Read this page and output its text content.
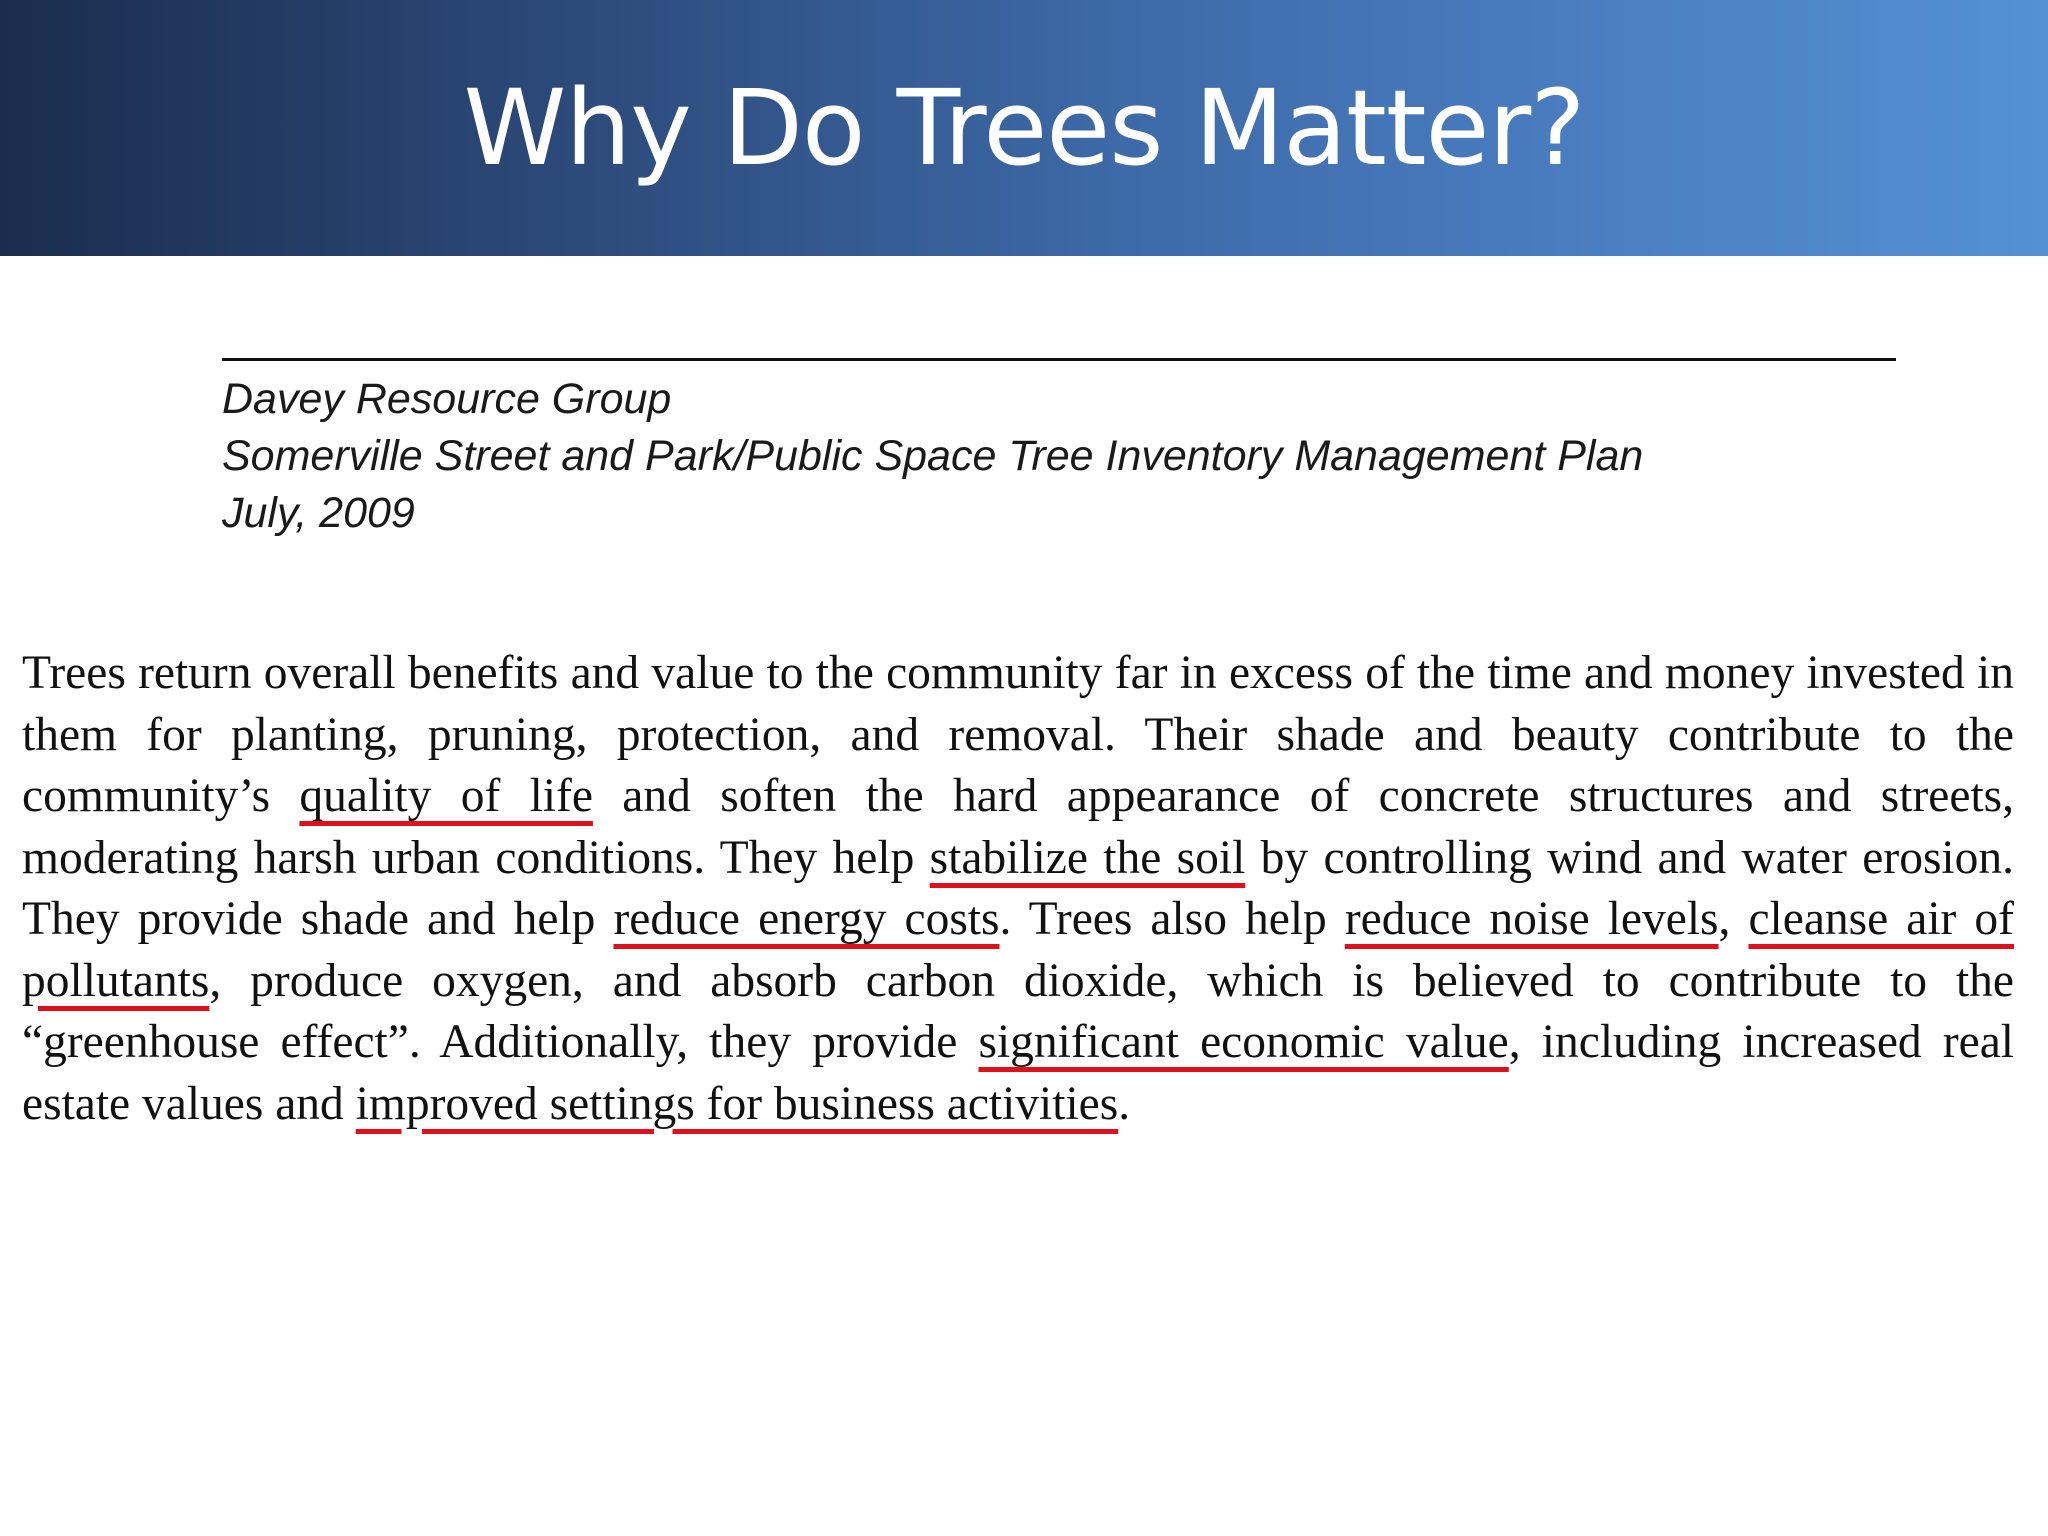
Why Do Trees Matter?
Davey Resource Group
Somerville Street and Park/Public Space Tree Inventory Management Plan
July, 2009
Trees return overall benefits and value to the community far in excess of the time and money invested in them for planting, pruning, protection, and removal. Their shade and beauty contribute to the community’s quality of life and soften the hard appearance of concrete structures and streets, moderating harsh urban conditions. They help stabilize the soil by controlling wind and water erosion. They provide shade and help reduce energy costs. Trees also help reduce noise levels, cleanse air of pollutants, produce oxygen, and absorb carbon dioxide, which is believed to contribute to the “greenhouse effect”. Additionally, they provide significant economic value, including increased real estate values and improved settings for business activities.
